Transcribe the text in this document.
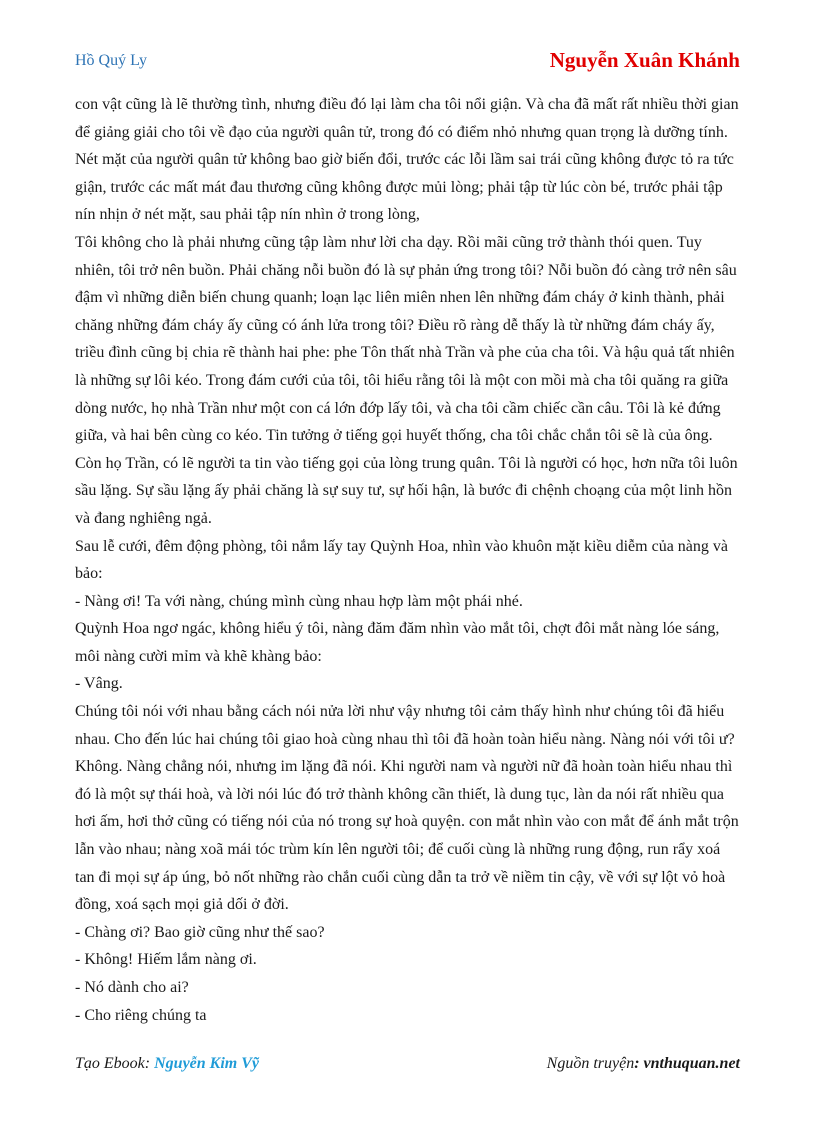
Hồ Quý Ly	Nguyễn Xuân Khánh

con vật cũng là lẽ thường tình, nhưng điều đó lại làm cha tôi nổi giận. Và cha đã mất rất nhiều thời gian để giảng giải cho tôi về đạo của người quân tử, trong đó có điểm nhỏ nhưng quan trọng là dưỡng tính. Nét mặt của người quân tử không bao giờ biến đổi, trước các lỗi lầm sai trái cũng không được tỏ ra tức giận, trước các mất mát đau thương cũng không được mủi lòng; phải tập từ lúc còn bé, trước phải tập nín nhịn ở nét mặt, sau phải tập nín nhìn ở trong lòng,

Tôi không cho là phải nhưng cũng tập làm như lời cha dạy. Rồi mãi cũng trở thành thói quen. Tuy nhiên, tôi trở nên buồn. Phải chăng nỗi buồn đó là sự phản ứng trong tôi? Nỗi buồn đó càng trở nên sâu đậm vì những diễn biến chung quanh; loạn lạc liên miên nhen lên những đám cháy ở kinh thành, phải chăng những đám cháy ấy cũng có ánh lửa trong tôi? Điều rõ ràng dễ thấy là từ những đám cháy ấy, triều đình cũng bị chia rẽ thành hai phe: phe Tôn thất nhà Trần và phe của cha tôi. Và hậu quả tất nhiên là những sự lôi kéo. Trong đám cưới của tôi, tôi hiểu rằng tôi là một con mồi mà cha tôi quăng ra giữa dòng nước, họ nhà Trần như một con cá lớn đớp lấy tôi, và cha tôi cầm chiếc cần câu. Tôi là kẻ đứng giữa, và hai bên cùng co kéo. Tin tưởng ở tiếng gọi huyết thống, cha tôi chắc chắn tôi sẽ là của ông. Còn họ Trần, có lẽ người ta tin vào tiếng gọi của lòng trung quân. Tôi là người có học, hơn nữa tôi luôn sầu lặng. Sự sầu lặng ấy phải chăng là sự suy tư, sự hối hận, là bước đi chệnh choạng của một linh hồn và đang nghiêng ngả.

Sau lễ cưới, đêm động phòng, tôi nắm lấy tay Quỳnh Hoa, nhìn vào khuôn mặt kiều diễm của nàng và bảo:

- Nàng ơi! Ta với nàng, chúng mình cùng nhau hợp làm một phái nhé.

Quỳnh Hoa ngơ ngác, không hiểu ý tôi, nàng đăm đăm nhìn vào mắt tôi, chợt đôi mắt nàng lóe sáng, môi nàng cười mỉm và khẽ khàng bảo:

- Vâng.

Chúng tôi nói với nhau bằng cách nói nửa lời như vậy nhưng tôi cảm thấy hình như chúng tôi đã hiểu nhau. Cho đến lúc hai chúng tôi giao hoà cùng nhau thì tôi đã hoàn toàn hiểu nàng. Nàng nói với tôi ư? Không. Nàng chẳng nói, nhưng im lặng đã nói. Khi người nam và người nữ đã hoàn toàn hiểu nhau thì đó là một sự thái hoà, và lời nói lúc đó trở thành không cần thiết, là dung tục, làn da nói rất nhiều qua hơi ấm, hơi thở cũng có tiếng nói của nó trong sự hoà quyện. con mắt nhìn vào con mắt để ánh mắt trộn lẫn vào nhau; nàng xoã mái tóc trùm kín lên người tôi; để cuối cùng là những rung động, run rẩy xoá tan đi mọi sự áp úng, bỏ nốt những rào chắn cuối cùng dẫn ta trở về niềm tin cậy, về với sự lột vỏ hoà đồng, xoá sạch mọi giả dối ở đời.

- Chàng ơi? Bao giờ cũng như thế sao?

- Không! Hiếm lắm nàng ơi.

- Nó dành cho ai?

- Cho riêng chúng ta

Tạo Ebook: Nguyễn Kim Vỹ	Nguồn truyện: vnthuquan.net
